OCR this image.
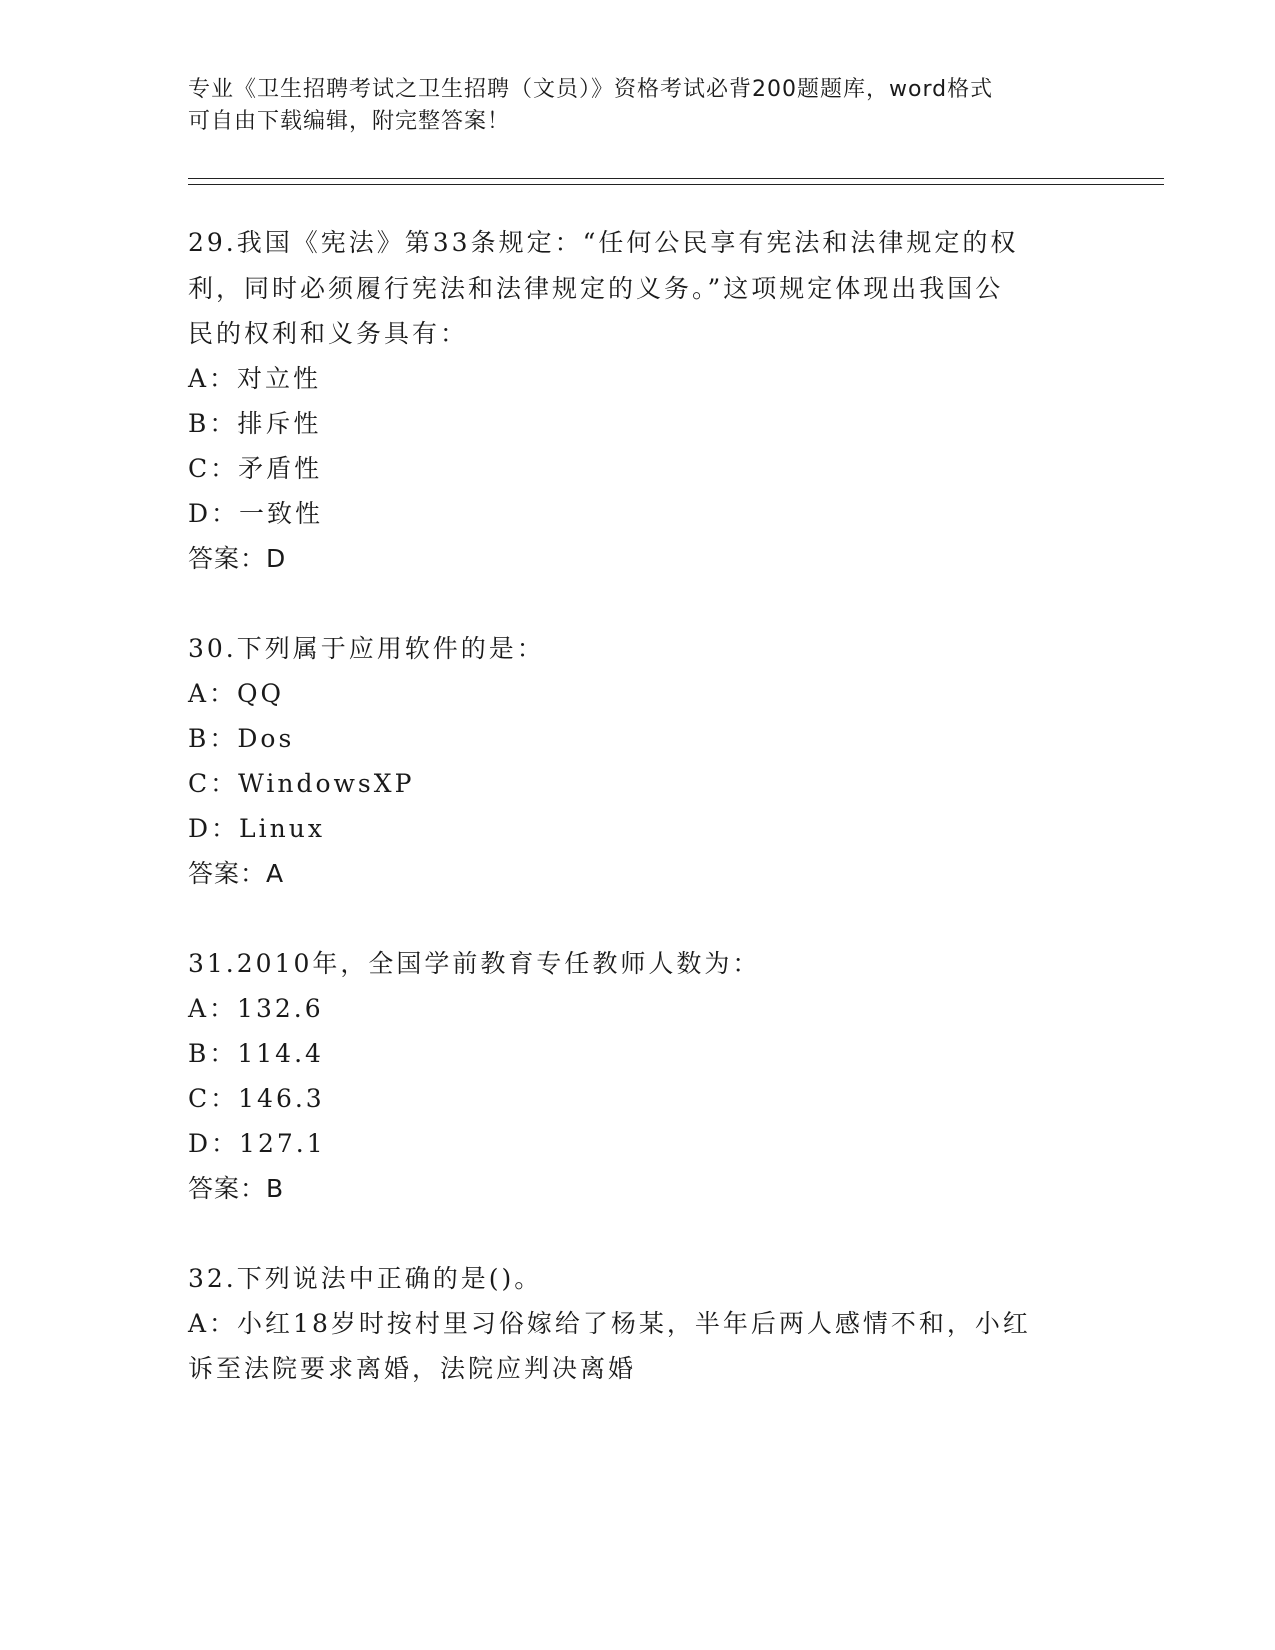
专业《卫生招聘考试之卫生招聘（文员）》资格考试必背200题题库，word格式
可自由下载编辑，附完整答案！
29.我国《宪法》第33条规定：“任何公民享有宪法和法律规定的权
利，同时必须履行宪法和法律规定的义务。”这项规定体现出我国公
民的权利和义务具有：
A：对立性
B：排斥性
C：矛盾性
D：一致性
答案：D
30.下列属于应用软件的是：
A：QQ
B：Dos
C：WindowsXP
D：Linux
答案：A
31.2010年，全国学前教育专任教师人数为：
A：132.6
B：114.4
C：146.3
D：127.1
答案：B
32.下列说法中正确的是()。
A：小红18岁时按村里习俗嫁给了杨某，半年后两人感情不和，小红
诉至法院要求离婚，法院应判决离婚
